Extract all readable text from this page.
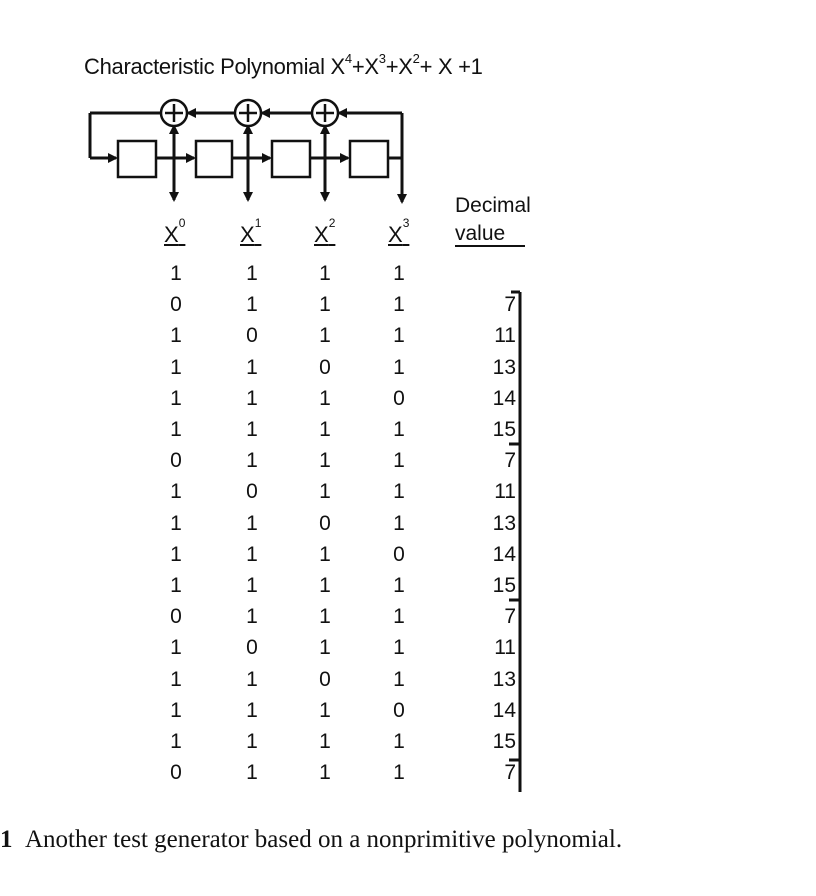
Characteristic Polynomial $X^4+X^3+X^2+ X +1$
$X^0$ $X^1$ $X^2$ $X^3$
Decimal
value
1	1	1	1
0	1	1	1	7
1	0	1	1	11
1	1	0	1	13
1	1	1	0	14
1	1	1	1	15
0	1	1	1	7
1	0	1	1	11
1	1	0	1	13
1	1	1	0	14
1	1	1	1	15
0	1	1	1	7
1	0	1	1	11
1	1	0	1	13
1	1	1	0	14
1	1	1	1	15
0	1	1	1	7
1 Another test generator based on a nonprimitive polynomial.
